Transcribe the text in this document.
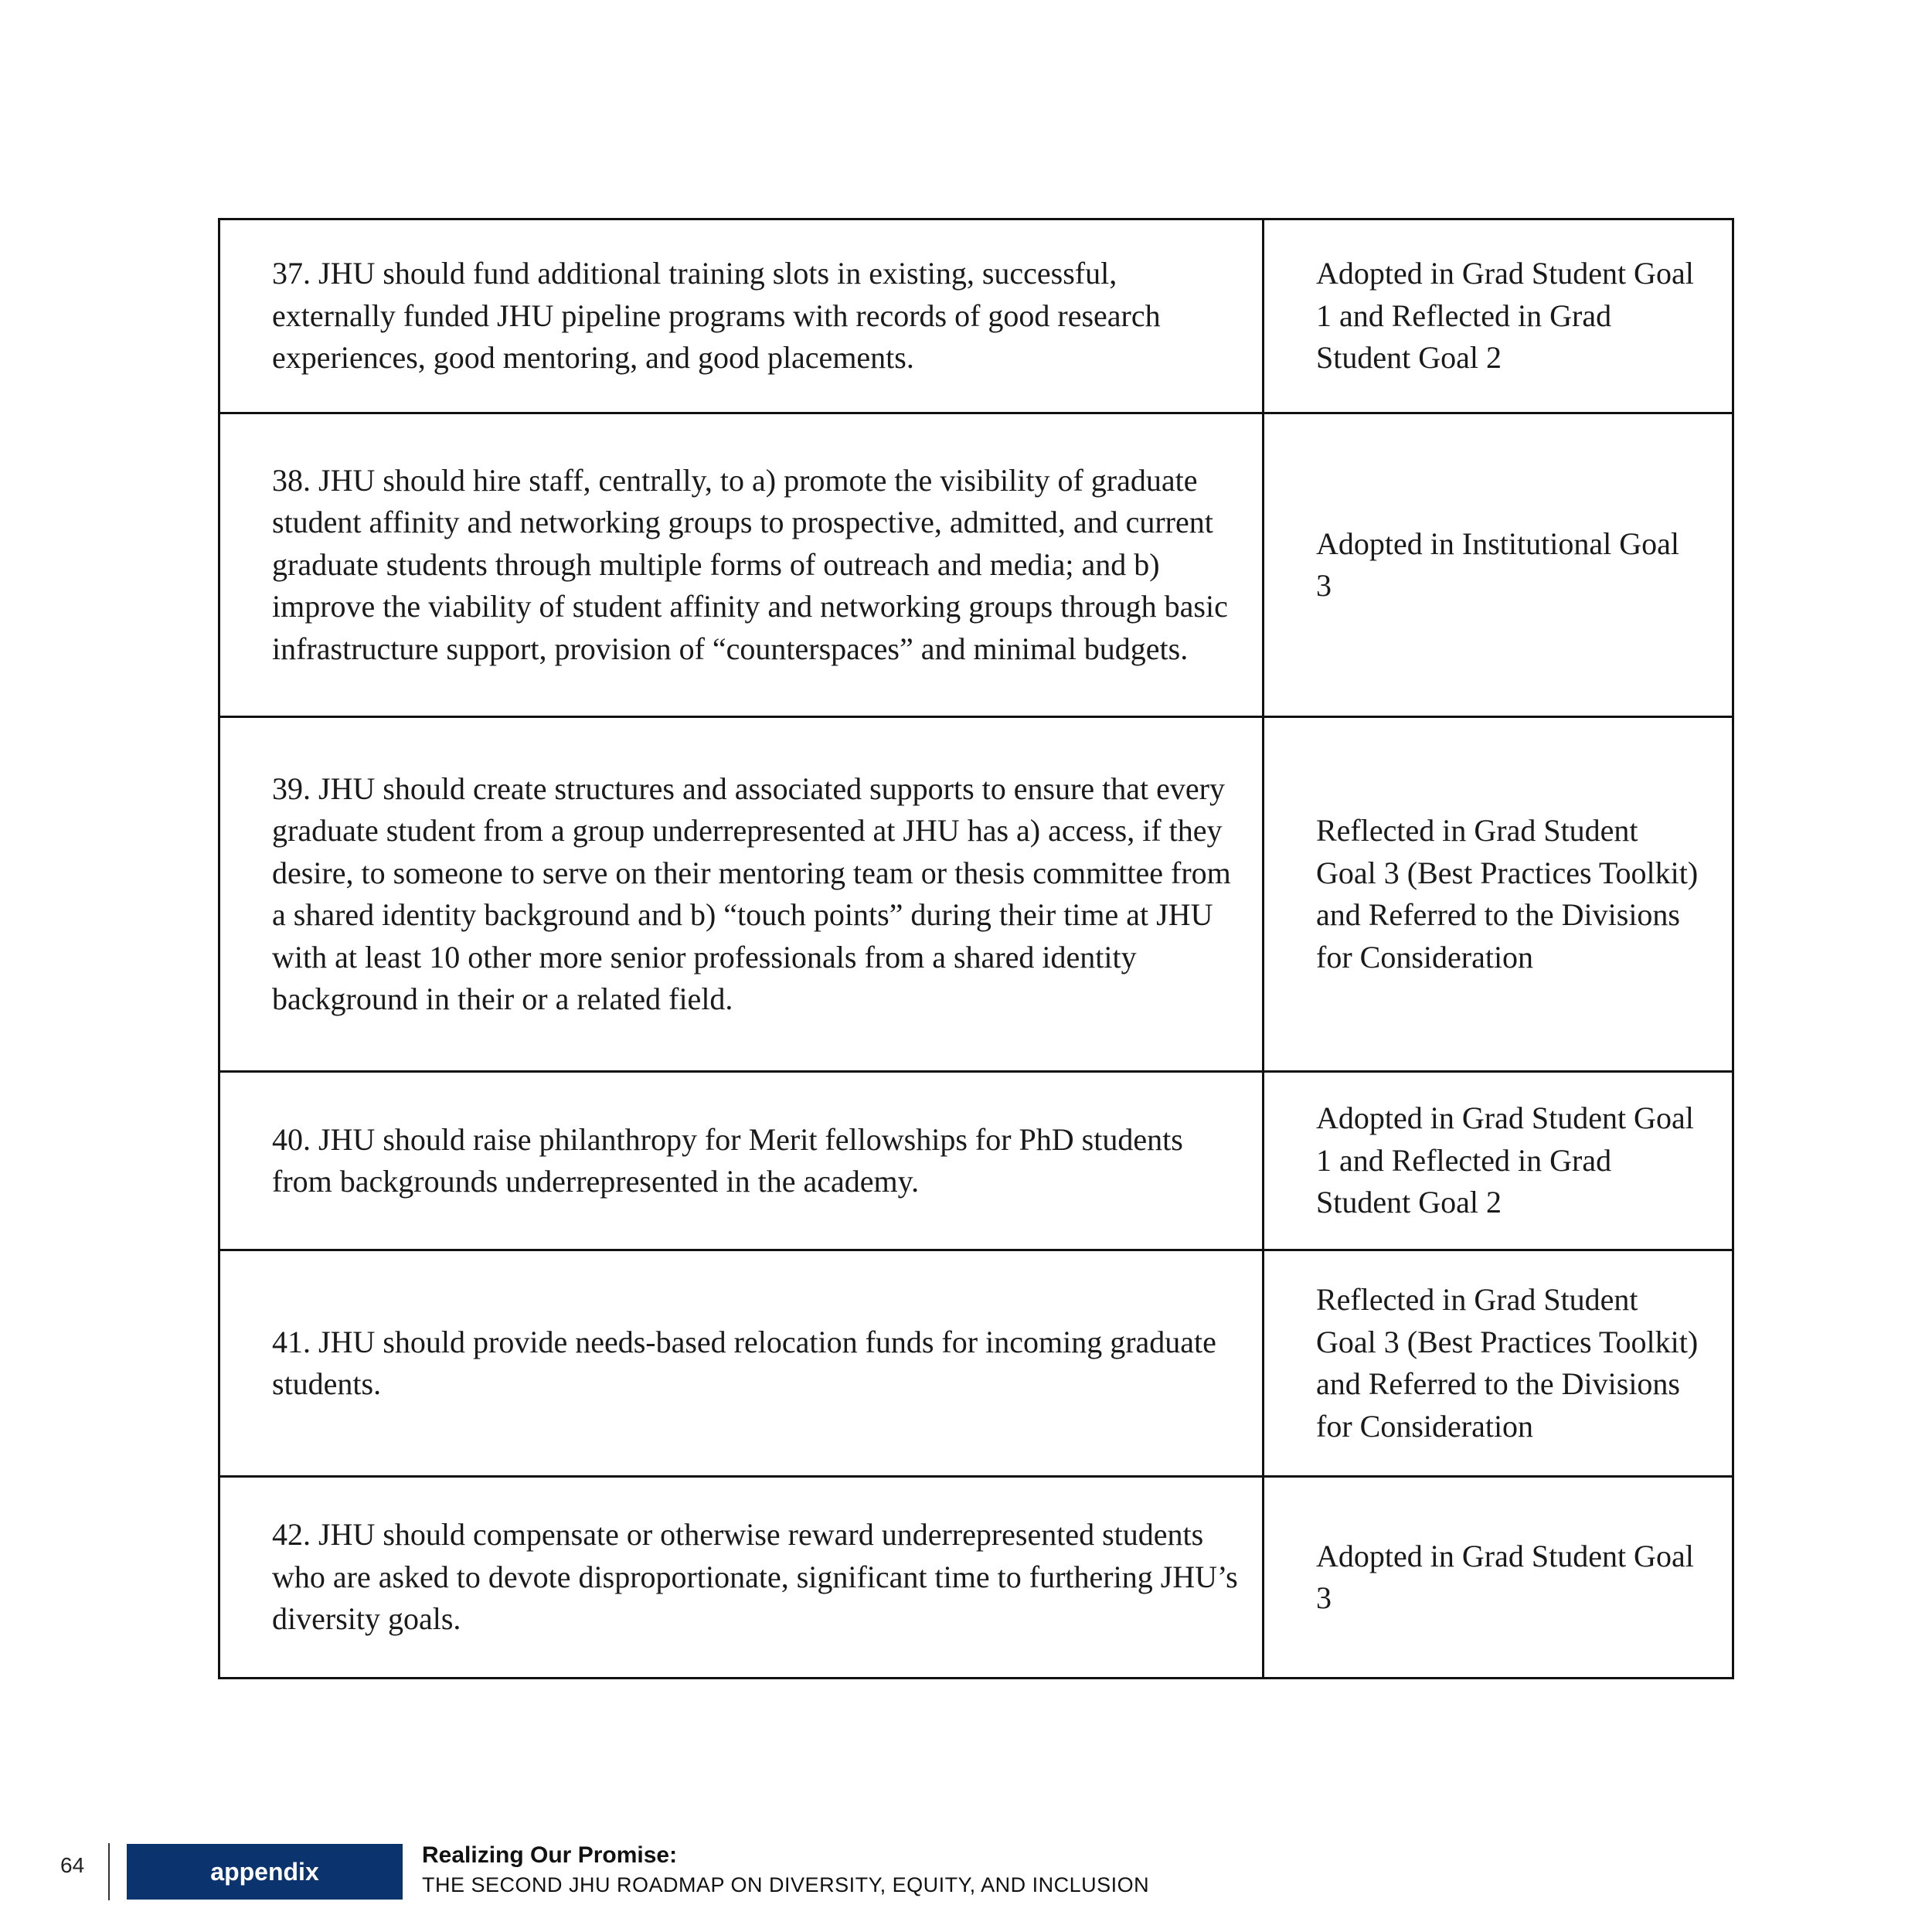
37. JHU should fund additional training slots in existing, successful, externally funded JHU pipeline programs with records of good research experiences, good mentoring, and good placements.	Adopted in Grad Student Goal 1 and Reflected in Grad Student Goal 2
38. JHU should hire staff, centrally, to a) promote the visibility of graduate student affinity and networking groups to prospective, admitted, and current graduate students through multiple forms of outreach and media; and b) improve the viability of student affinity and networking groups through basic infrastructure support, provision of “counterspaces” and minimal budgets.	Adopted in Institutional Goal 3
39. JHU should create structures and associated supports to ensure that every graduate student from a group underrepresented at JHU has a) access, if they desire, to someone to serve on their mentoring team or thesis committee from a shared identity background and b) “touch points” during their time at JHU with at least 10 other more senior professionals from a shared identity background in their or a related field.	Reflected in Grad Student Goal 3 (Best Practices Toolkit) and Referred to the Divisions for Consideration
40. JHU should raise philanthropy for Merit fellowships for PhD students from backgrounds underrepresented in the academy.	Adopted in Grad Student Goal 1 and Reflected in Grad Student Goal 2
41. JHU should provide needs-based relocation funds for incoming graduate students.	Reflected in Grad Student Goal 3 (Best Practices Toolkit) and Referred to the Divisions for Consideration
42. JHU should compensate or otherwise reward underrepresented students who are asked to devote disproportionate, significant time to furthering JHU’s diversity goals.	Adopted in Grad Student Goal 3
64	appendix
Realizing Our Promise:
THE SECOND JHU ROADMAP ON DIVERSITY, EQUITY, AND INCLUSION
